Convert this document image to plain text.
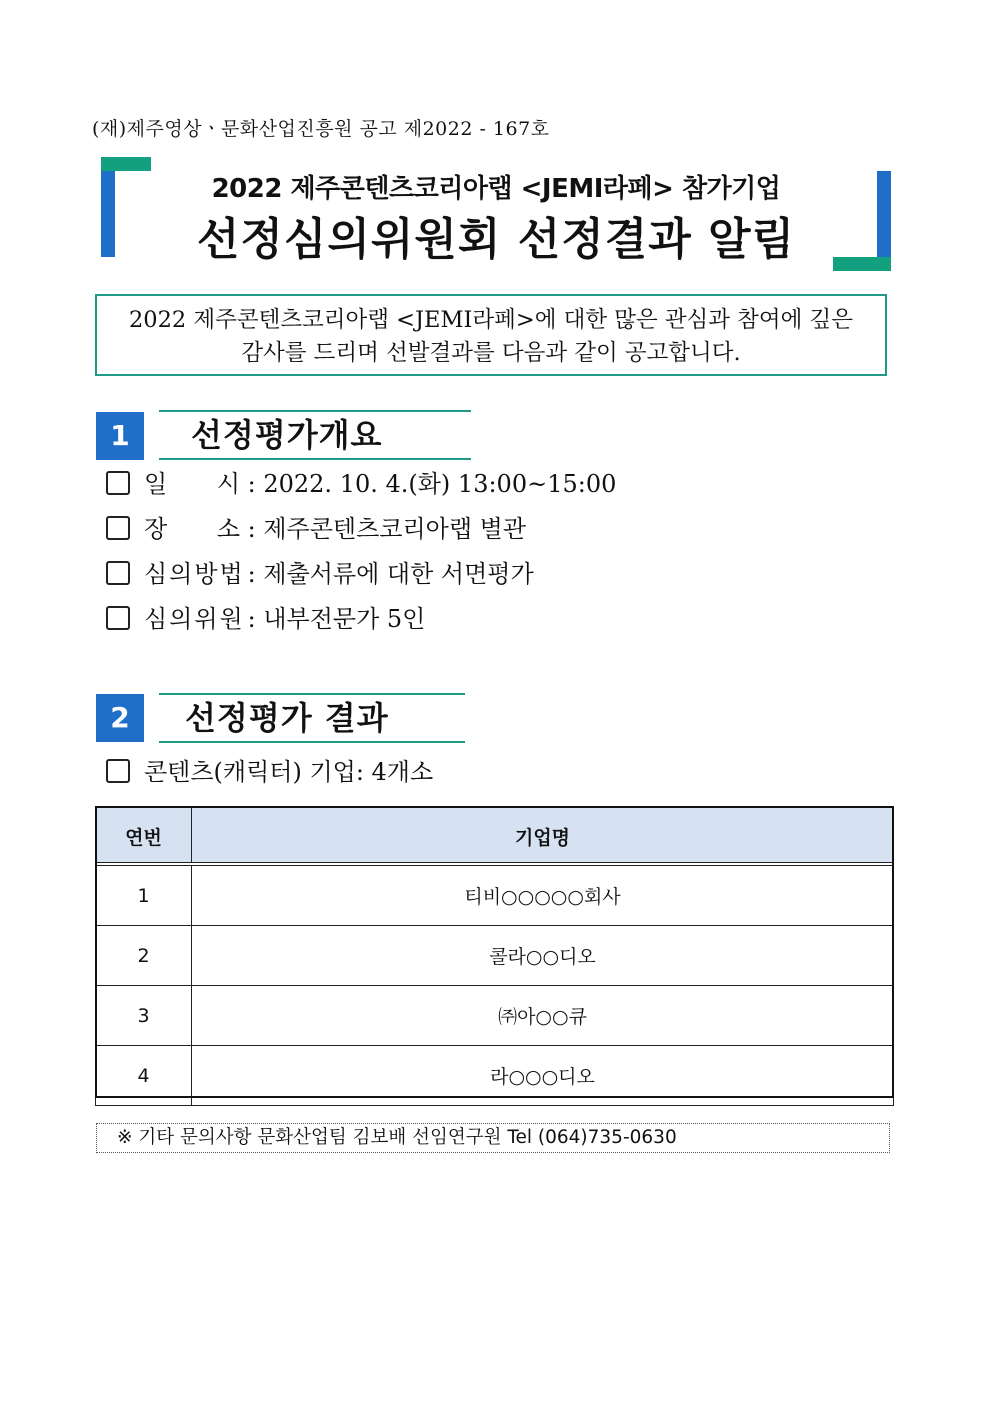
(재)제주영상ㆍ문화산업진흥원 공고 제2022 - 167호
2022 제주콘텐츠코리아랩 <JEMI라페> 참가기업
선정심의위원회 선정결과 알림
2022 제주콘텐츠코리아랩 <JEMI라페>에 대한 많은 관심과 참여에 깊은
감사를 드리며 선발결과를 다음과 같이 공고합니다.
1	선정평가개요
일 시 : 2022. 10. 4.(화) 13:00~15:00
장 소 : 제주콘텐츠코리아랩 별관
심의방법 : 제출서류에 대한 서면평가
심의위원 : 내부전문가 5인
2	선정평가 결과
콘텐츠(캐릭터) 기업: 4개소
연번	기업명
1	티비○○○○○회사
2	콜라○○디오
3	㈜아○○큐
4	라○○○디오
※ 기타 문의사항 문화산업팀 김보배 선임연구원 Tel (064)735-0630
